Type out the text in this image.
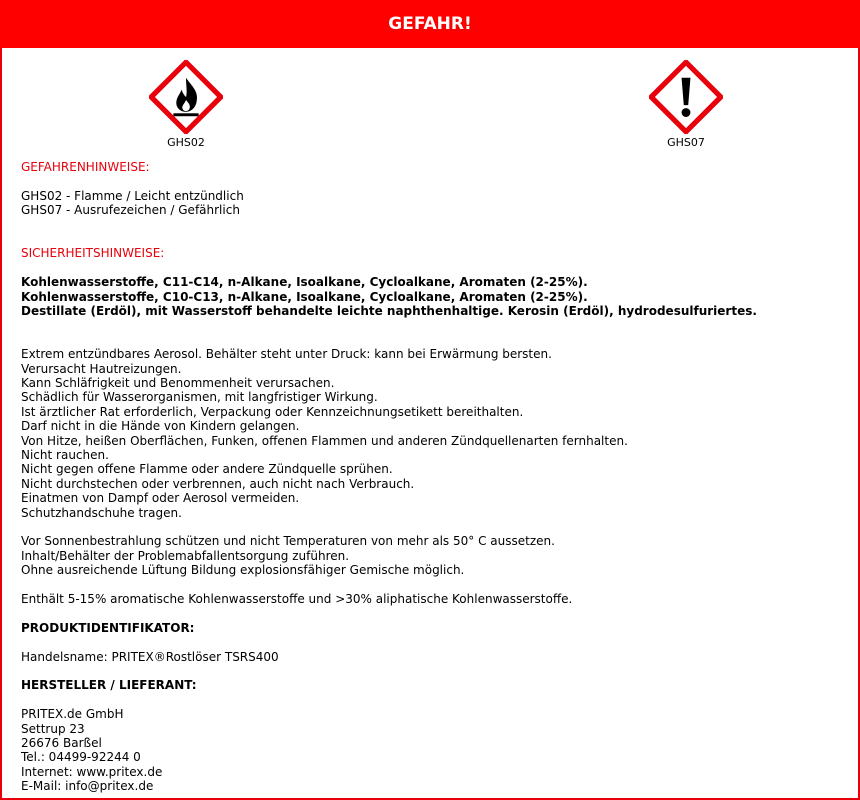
GEFAHR!
GHS02	GHS07

GEFAHRENHINWEISE:

GHS02 - Flamme / Leicht entzündlich

GHS07 - Ausrufezeichen / Gefährlich

SICHERHEITSHINWEISE:

Kohlenwasserstoffe, C11-C14, n-Alkane, Isoalkane, Cycloalkane, Aromaten (2-25%).

Kohlenwasserstoffe, C10-C13, n-Alkane, Isoalkane, Cycloalkane, Aromaten (2-25%).

Destillate (Erdöl), mit Wasserstoff behandelte leichte naphthenhaltige. Kerosin (Erdöl), hydrodesulfuriertes.

Extrem entzündbares Aerosol. Behälter steht unter Druck: kann bei Erwärmung bersten.

Verursacht Hautreizungen.

Kann Schläfrigkeit und Benommenheit verursachen.

Schädlich für Wasserorganismen, mit langfristiger Wirkung.

Ist ärztlicher Rat erforderlich, Verpackung oder Kennzeichnungsetikett bereithalten.

Darf nicht in die Hände von Kindern gelangen.

Von Hitze, heißen Oberflächen, Funken, offenen Flammen und anderen Zündquellenarten fernhalten.

Nicht rauchen.

Nicht gegen offene Flamme oder andere Zündquelle sprühen.

Nicht durchstechen oder verbrennen, auch nicht nach Verbrauch.

Einatmen von Dampf oder Aerosol vermeiden.

Schutzhandschuhe tragen.

Vor Sonnenbestrahlung schützen und nicht Temperaturen von mehr als 50° C aussetzen.

Inhalt/Behälter der Problemabfallentsorgung zuführen.

Ohne ausreichende Lüftung Bildung explosionsfähiger Gemische möglich.

Enthält 5-15% aromatische Kohlenwasserstoffe und >30% aliphatische Kohlenwasserstoffe.

PRODUKTIDENTIFIKATOR:

Handelsname: PRITEX®Rostlöser TSRS400

HERSTELLER / LIEFERANT:

PRITEX.de GmbH

Settrup 23

26676 Barßel

Tel.: 04499-92244 0

Internet: www.pritex.de

E-Mail: info@pritex.de
